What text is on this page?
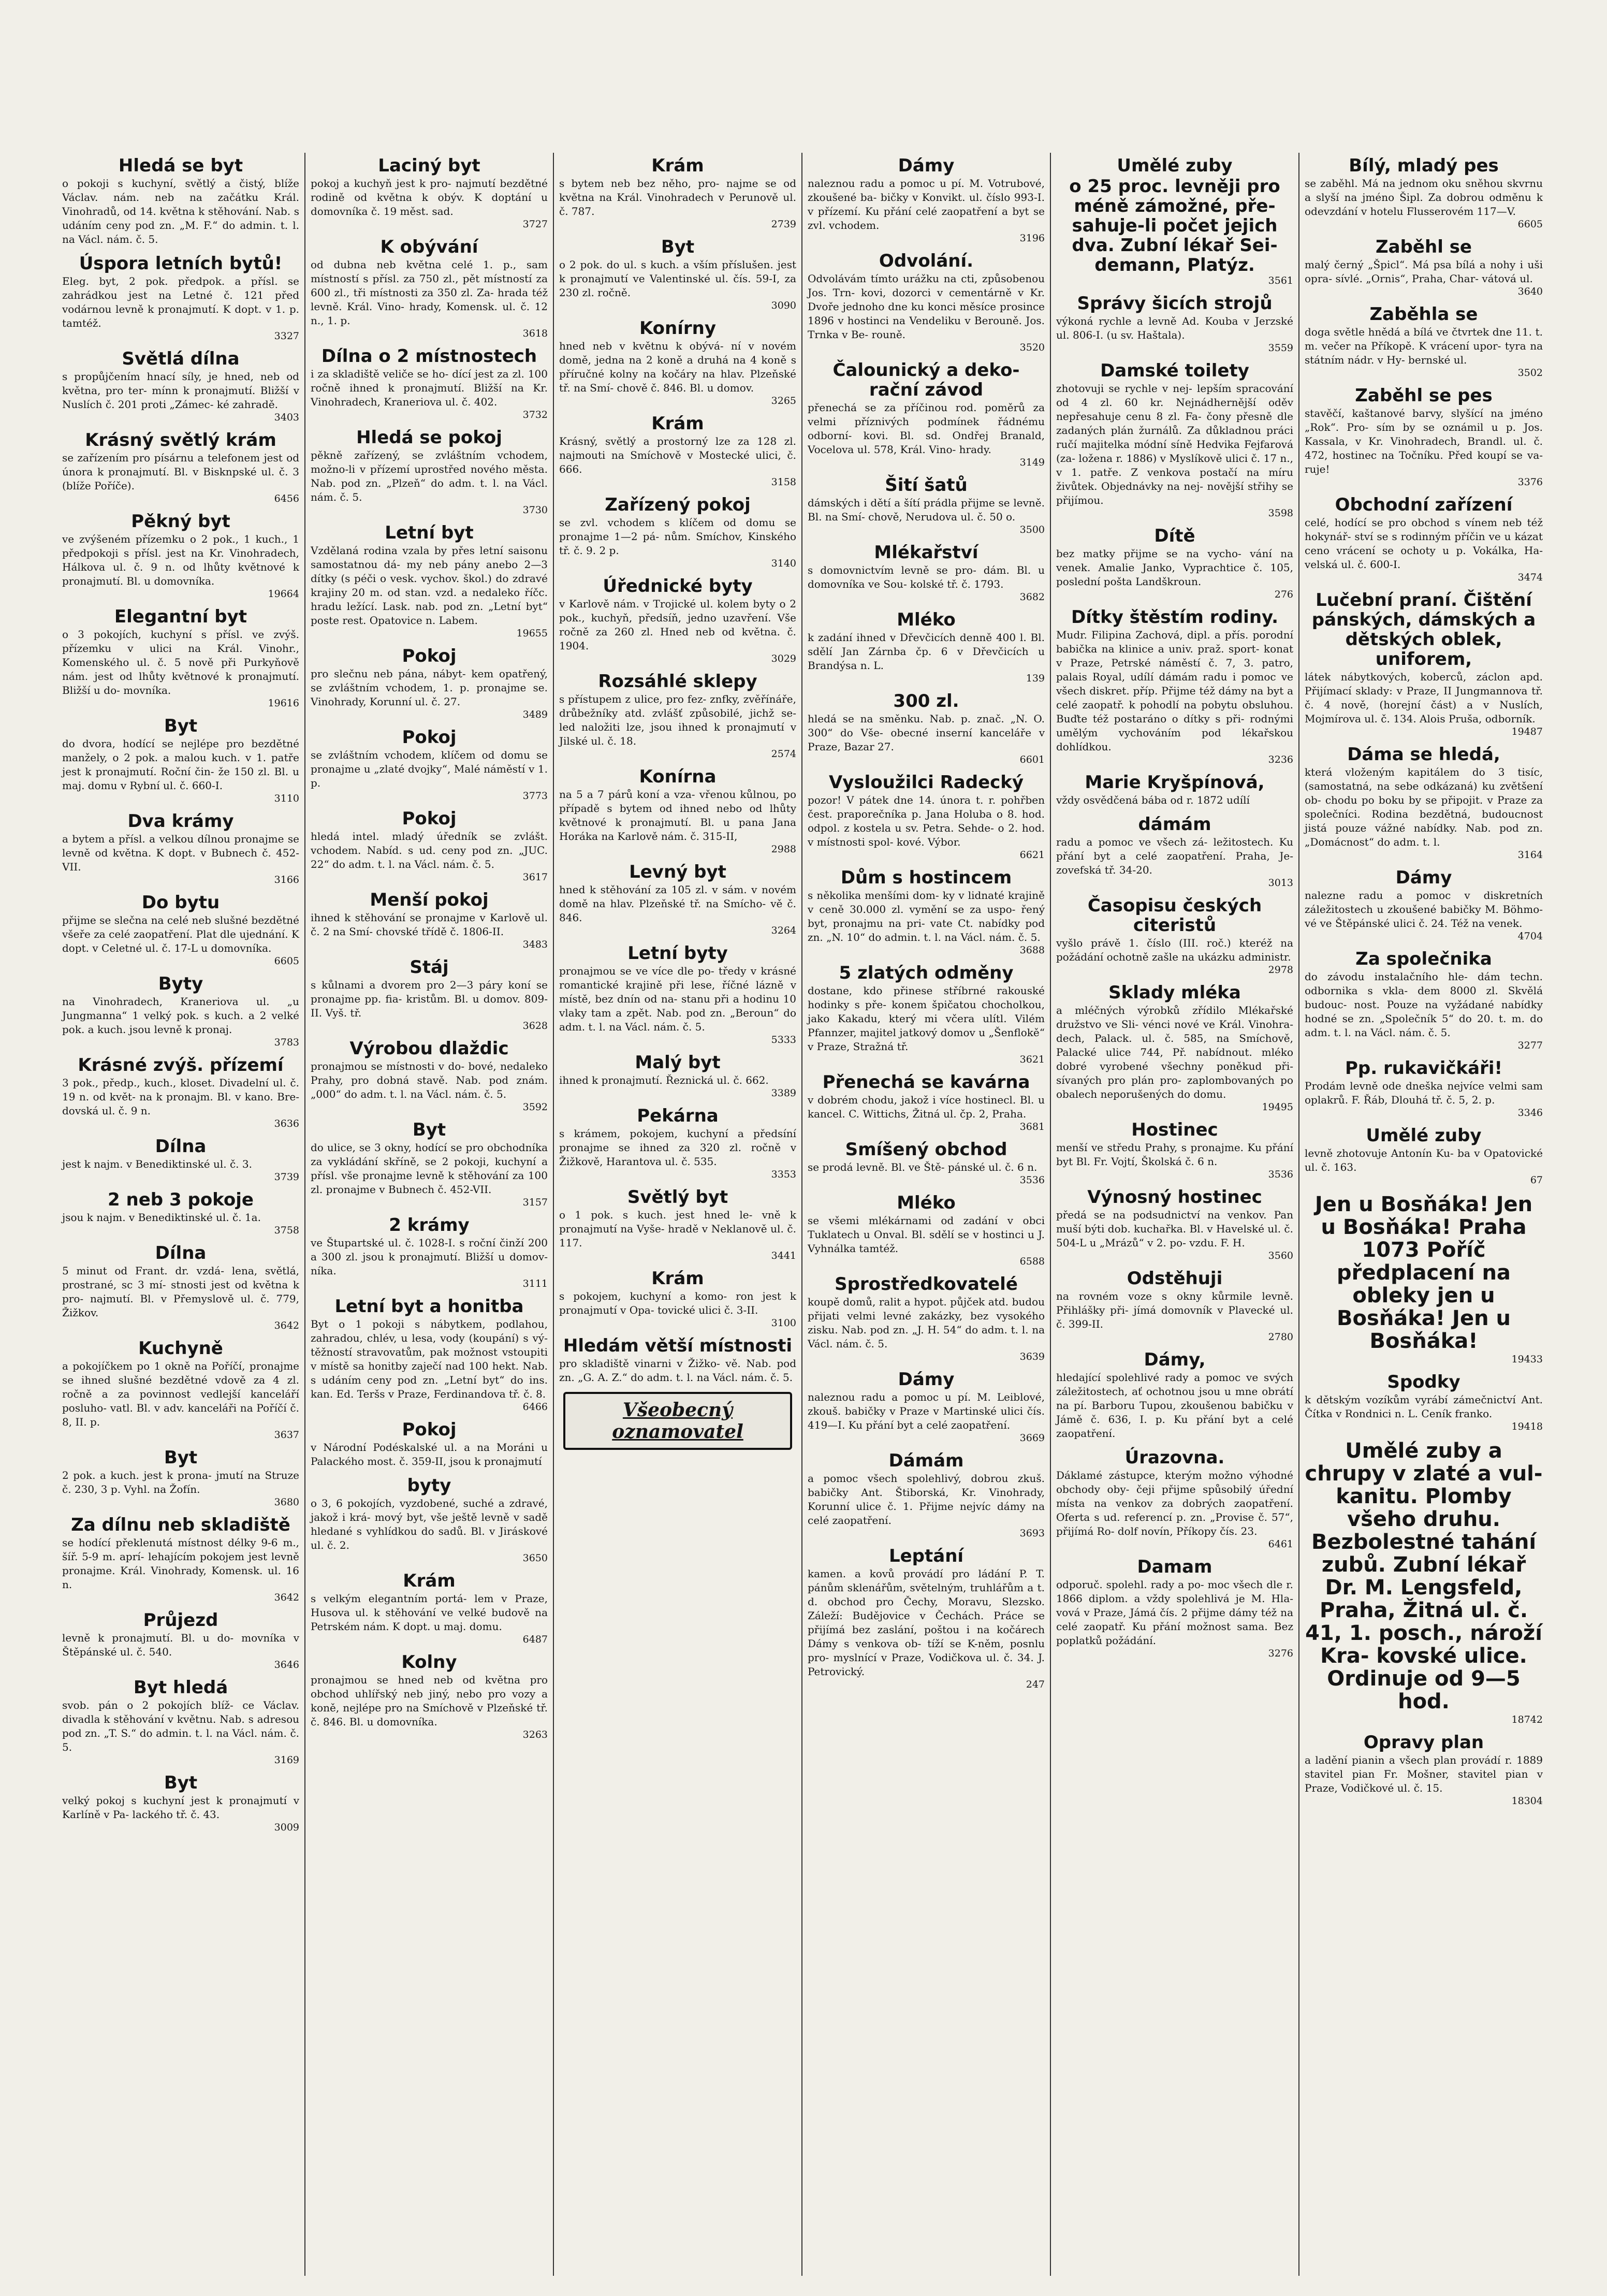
Hledá se byt

o pokoji s kuchyní, světlý a čistý, blíže Václav. nám. neb na začátku Král. Vinohradů, od 14. května k stěhování. Nab. s udáním ceny pod zn. „M. F.“ do admin. t. l. na Václ. nám. č. 5.

Úspora letních bytů!

Eleg. byt, 2 pok. předpok. a přísl. se zahrádkou jest na Letné č. 121 před vodárnou levně k pronajmutí. K dopt. v 1. p. tamtéž.

3327
Světlá dílna

s propůjčením hnací síly, je hned, neb od května, pro ter- mínn k pronajmutí. Bližší v Nuslích č. 201 proti „Zámec- ké zahradě.

3403
Krásný světlý krám

se zařízením pro písárnu a telefonem jest od února k pronajmutí. Bl. v Bisknpské ul. č. 3 (blíže Poříče).

6456
Pěkný byt

ve zvýšeném přízemku o 2 pok., 1 kuch., 1 předpokoji s přísl. jest na Kr. Vinohradech, Hálkova ul. č. 9 n. od lhůty květnové k pronajmutí. Bl. u domovníka.

19664
Elegantní byt

o 3 pokojích, kuchyní s přísl. ve zvýš. přízemku v ulici na Král. Vinohr., Komenského ul. č. 5 nově při Purkyňově nám. jest od lhůty květnové k pronajmutí. Bližší u do- movníka.

19616
Byt

do dvora, hodící se nejlépe pro bezdětné manžely, o 2 pok. a malou kuch. v 1. patře jest k pronajmutí. Roční čin- že 150 zl. Bl. u maj. domu v Rybní ul. č. 660-I.

3110
Dva krámy

a bytem a přísl. a velkou dílnou pronajme se levně od května. K dopt. v Bubnech č. 452-VII.

3166
Do bytu

přijme se slečna na celé neb slušné bezdětné všeře za celé zaopatření. Plat dle ujednání. K dopt. v Celetné ul. č. 17-L u domovníka.

6605
Byty

na Vinohradech, Kraneriova ul. „u Jungmanna“ 1 velký pok. s kuch. a 2 velké pok. a kuch. jsou levně k pronaj.

3783
Krásné zvýš. přízemí

3 pok., předp., kuch., kloset. Divadelní ul. č. 19 n. od květ- na k pronajm. Bl. v kano. Bre- dovská ul. č. 9 n.

3636
Dílna

jest k najm. v Benediktinské ul. č. 3.

3739
2 neb 3 pokoje

jsou k najm. v Benediktinské ul. č. 1a.

3758
Dílna

5 minut od Frant. dr. vzdá- lena, světlá, prostrané, sc 3 mí- stnosti jest od května k pro- najmutí. Bl. v Přemyslově ul. č. 779, Žižkov.

3642
Kuchyně

a pokojíčkem po 1 okně na Poříčí, pronajme se ihned slušné bezdětné vdově za 4 zl. ročně a za povinnost vedlejší kanceláří posluho- vatl. Bl. v adv. kanceláři na Poříčí č. 8, II. p.

3637
Byt

2 pok. a kuch. jest k prona- jmutí na Struze č. 230, 3 p. Vyhl. na Žofín.

3680
Za dílnu neb skladiště

se hodící překlenutá místnost délky 9-6 m., šíř. 5-9 m. aprí- lehajícím pokojem jest levně pronajme. Král. Vinohrady, Komensk. ul. 16 n.

3642
Průjezd

levně k pronajmutí. Bl. u do- movníka v Štěpánské ul. č. 540.

3646
Byt hledá

svob. pán o 2 pokojích blíž- ce Václav. divadla k stěhování v květnu. Nab. s adresou pod zn. „T. S.“ do admin. t. l. na Václ. nám. č. 5.

3169
Byt

velký pokoj s kuchyní jest k pronajmutí v Karlíně v Pa- lackého tř. č. 43.

3009
Laciný byt

pokoj a kuchyň jest k pro- najmutí bezdětné rodině od května k obýv. K doptání u domovníka č. 19 měst. sad.

3727
K obývání

od dubna neb května celé 1. p., sam místností s přísl. za 750 zl., pět místností za 600 zl., tři místnosti za 350 zl. Za- hrada též levně. Král. Vino- hrady, Komensk. ul. č. 12 n., 1. p.

3618
Dílna o 2 místnostech

i za skladiště veliče se ho- dící jest za zl. 100 ročně ihned k pronajmutí. Bližší na Kr. Vinohradech, Kraneriova ul. č. 402.

3732
Hledá se pokoj

pěkně zařízený, se zvláštním vchodem, možno-li v přízemí uprostřed nového města. Nab. pod zn. „Plzeň“ do adm. t. l. na Václ. nám. č. 5.

3730
Letní byt

Vzdělaná rodina vzala by přes letní saisonu samostatnou dá- my neb pány anebo 2—3 dítky (s péči o vesk. vychov. škol.) do zdravé krajiny 20 m. od stan. vzd. a nedaleko říčc. hradu ležící. Lask. nab. pod zn. „Letní byt“ poste rest. Opatovice n. Labem.

19655
Pokoj

pro slečnu neb pána, nábyt- kem opatřený, se zvláštním vchodem, 1. p. pronajme se. Vinohrady, Korunní ul. č. 27.

3489
Pokoj

se zvláštním vchodem, klíčem od domu se pronajme u „zlaté dvojky“, Malé náměstí v 1. p.

3773
Pokoj

hledá intel. mladý úředník se zvlášt. vchodem. Nabíd. s ud. ceny pod zn. „JUC. 22“ do adm. t. l. na Václ. nám. č. 5.

3617
Menší pokoj

ihned k stěhování se pronajme v Karlově ul. č. 2 na Smí- chovské třídě č. 1806-II.

3483
Stáj

s kůlnami a dvorem pro 2—3 páry koní se pronajme pp. fia- kristům. Bl. u domov. 809-II. Vyš. tř.

3628
Výrobou dlaždic

pronajmou se místnosti v do- bové, nedaleko Prahy, pro dobná stavě. Nab. pod znám. „000“ do adm. t. l. na Václ. nám. č. 5.

3592
Byt

do ulice, se 3 okny, hodící se pro obchodníka za vykládání skříně, se 2 pokoji, kuchyní a přísl. vše pronajme levně k stěhování za 100 zl. pronajme v Bubnech č. 452-VII.

3157
2 krámy

ve Štupartské ul. č. 1028-I. s roční činží 200 a 300 zl. jsou k pronajmutí. Bližší u domov- níka.

3111
Letní byt a honitba

Byt o 1 pokoji s nábytkem, podlahou, zahradou, chlév, u lesa, vody (koupání) s vý- těžností stravovatům, pak možnost vstoupiti v místě sa honitby zaječí nad 100 hekt. Nab. s udáním ceny pod zn. „Letní byt“ do ins. kan. Ed. Teršs v Praze, Ferdinandova tř. č. 8.

6466
Pokoj

v Národní Podéskalské ul. a na Moráni u Palackého most. č. 359-II, jsou k pronajmutí

byty

o 3, 6 pokojích, vyzdobené, suché a zdravé, jakož i krá- mový byt, vše ještě levně v sadě hledané s vyhlídkou do sadů. Bl. v Jiráskové ul. č. 2.

3650
Krám

s velkým elegantním portá- lem v Praze, Husova ul. k stěhování ve velké budově na Petrském nám. K dopt. u maj. domu.

6487
Kolny

pronajmou se hned neb od května pro obchod uhlířský neb jiný, nebo pro vozy a koně, nejlépe pro na Smíchově v Plzeňské tř. č. 846. Bl. u domovníka.

3263
Krám

s bytem neb bez něho, pro- najme se od května na Král. Vinohradech v Perunově ul. č. 787.

2739
Byt

o 2 pok. do ul. s kuch. a vším příslušen. jest k pronajmutí ve Valentinské ul. čís. 59-I, za 230 zl. ročně.

3090
Konírny

hned neb v květnu k obývá- ní v novém domě, jedna na 2 koně a druhá na 4 koně s příručné kolny na kočáry na hlav. Plzeňské tř. na Smí- chově č. 846. Bl. u domov.

3265
Krám

Krásný, světlý a prostorný lze za 128 zl. najmouti na Smíchově v Mostecké ulici, č. 666.

3158
Zařízený pokoj

se zvl. vchodem s klíčem od domu se pronajme 1—2 pá- nům. Smíchov, Kinského tř. č. 9. 2 p.

3140
Úřednické byty

v Karlově nám. v Trojické ul. kolem byty o 2 pok., kuchyň, předsíň, jedno uzavření. Vše ročně za 260 zl. Hned neb od května. č. 1904.

3029
Rozsáhlé sklepy

s přístupem z ulice, pro fez- znfky, zvěřínáře, drůbežníky atd. zvlášť způsobilé, jichž se- led naložiti lze, jsou ihned k pronajmutí v Jilské ul. č. 18.

2574
Konírna

na 5 a 7 párů koní a vza- vřenou kůlnou, po případě s bytem od ihned nebo od lhůty květnové k pronajmutí. Bl. u pana Jana Horáka na Karlově nám. č. 315-II,

2988
Levný byt

hned k stěhování za 105 zl. v sám. v novém domě na hlav. Plzeňské tř. na Smícho- vě č. 846.

3264
Letní byty

pronajmou se ve více dle po- tředy v krásné romantické krajině při lese, říčné lázně v místě, bez dnín od na- stanu při a hodinu 10 vlaky tam a zpět. Nab. pod zn. „Beroun“ do adm. t. l. na Václ. nám. č. 5.

5333
Malý byt

ihned k pronajmutí. Řeznická ul. č. 662.

3389
Pekárna

s krámem, pokojem, kuchyní a předsíní pronajme se ihned za 320 zl. ročně v Žižkově, Harantova ul. č. 535.

3353
Světlý byt

o 1 pok. s kuch. jest hned le- vně k pronajmutí na Vyše- hradě v Neklanově ul. č. 117.

3441
Krám

s pokojem, kuchyní a komo- ron jest k pronajmutí v Opa- tovické ulici č. 3-II.

3100
Hledám větší místnosti

pro skladiště vinarni v Žižko- vě. Nab. pod zn. „G. A. Z.“ do adm. t. l. na Václ. nám. č. 5.

Všeobecný
oznamovatel
Dámy

naleznou radu a pomoc u pí. M. Votrubové, zkoušené ba- bičky v Konvikt. ul. číslo 993-I. v přízemí. Ku přání celé zaopatření a byt se zvl. vchodem.

3196
Odvolání.

Odvolávám tímto urážku na cti, způsobenou Jos. Trn- kovi, dozorci v cementárně v Kr. Dvoře jednoho dne ku konci měsíce prosince 1896 v hostinci na Vendeliku v Berouně. Jos. Trnka v Be- rouně.

3520
Čalounický a deko- rační závod

přenechá se za příčinou rod. poměrů za velmi příznivých podmínek řádnému odborní- kovi. Bl. sd. Ondřej Branald, Vocelova ul. 578, Král. Vino- hrady.

3149
Šití šatů

dámských i dětí a šítí prádla přijme se levně. Bl. na Smí- chově, Nerudova ul. č. 50 o.

3500
Mlékařství

s domovnictvím levně se pro- dám. Bl. u domovníka ve Sou- kolské tř. č. 1793.

3682
Mléko

k zadání ihned v Dřevčicích denně 400 l. Bl. sdělí Jan Zárnba čp. 6 v Dřevčicích u Brandýsa n. L.

139
300 zl.

hledá se na směnku. Nab. p. znač. „N. O. 300“ do Vše- obecné inserní kanceláře v Praze, Bazar 27.

6601
Vysloužilci Radecký

pozor! V pátek dne 14. února t. r. pohřben čest. praporečníka p. Jana Holuba o 8. hod. odpol. z kostela u sv. Petra. Sehde- o 2. hod. v místnosti spol- kové. Výbor.

6621
Dům s hostincem

s několika menšími dom- ky v lidnaté krajině v ceně 30.000 zl. vymění se za uspo- řený byt, pronajmu na pri- vate Ct. nabídky pod zn. „N. 10“ do admin. t. l. na Václ. nám. č. 5.

3688
5 zlatých odměny

dostane, kdo přinese stříbrné rakouské hodinky s pře- konem špičatou chocholkou, jako Kakadu, který mi včera ulítl. Vilém Pfannzer, majitel jatkový domov u „Šenflokě“ v Praze, Stražná tř.

3621
Přenechá se kavárna

v dobrém chodu, jakož i více hostinecl. Bl. u kancel. C. Wittichs, Žitná ul. čp. 2, Praha.

3681
Smíšený obchod

se prodá levně. Bl. ve Ště- pánské ul. č. 6 n.

3536
Mléko

se všemi mlékárnami od zadání v obci Tuklatech u Onval. Bl. sdělí se v hostinci u J. Vyhnálka tamtéž.

6588
Sprostředkovatelé

koupě domů, ralit a hypot. půjček atd. budou přijati velmi levné zakázky, bez vysokého zisku. Nab. pod zn. „J. H. 54“ do adm. t. l. na Václ. nám. č. 5.

3639
Dámy

naleznou radu a pomoc u pí. M. Leiblové, zkouš. babičky v Praze v Martinské ulici čís. 419—I. Ku přání byt a celé zaopatření.

3669
Dámám

a pomoc všech spolehlivý, dobrou zkuš. babičky Ant. Štiborská, Kr. Vinohrady, Korunní ulice č. 1. Přijme nejvíc dámy na celé zaopatření.

3693
Leptání

kamen. a kovů provádí pro ládání P. T. pánům sklenářům, světelným, truhlářům a t. d. obchod pro Čechy, Moravu, Slezsko. Záleží: Budějovice v Čechách. Práce se přijímá bez zaslání, poštou i na kočárech Dámy s venkova ob- tíží se K-něm, posnlu pro- myslnící v Praze, Vodičkova ul. č. 34. J. Petrovický.

247
Umělé zuby

o 25 proc. levněji pro méně zámožné, pře- sahuje-li počet jejich dva. Zubní lékař Sei- demann, Platýz.

3561
Správy šicích strojů

výkoná rychle a levně Ad. Kouba v Jerzské ul. 806-I. (u sv. Haštala).

3559
Damské toilety

zhotovuji se rychle v nej- lepším spracování od 4 zl. 60 kr. Nejnádhernější oděv nepřesahuje cenu 8 zl. Fa- čony přesně dle zadaných plán žurnálů. Za důkladnou práci ručí majitelka módní síně Hedvika Fejfarová (za- ložena r. 1886) v Myslíkově ulici č. 17 n., v 1. patře. Z venkova postačí na míru živůtek. Objednávky na nej- novější střihy se přijímou.

3598
Dítě

bez matky přijme se na vycho- vání na venek. Amalie Janko, Vyprachtice č. 105, poslední pošta Landškroun.

276
Dítky štěstím rodiny.

Mudr. Filipina Zachová, dipl. a přís. porodní babička na klinice a univ. praž. sport- konat v Praze, Petrské náměstí č. 7, 3. patro, palais Royal, udílí dámám radu i pomoc ve všech diskret. příp. Přijme též dámy na byt a celé zaopatř. k pohodlí na pobytu obsluhou. Buďte též postaráno o dítky s při- rodnými umělým vychováním pod lékařskou dohlídkou.

3236
Marie Kryšpínová,

vždy osvědčená bába od r. 1872 udílí

dámám

radu a pomoc ve všech zá- ležitostech. Ku přání byt a celé zaopatření. Praha, Je- zovefská tř. 34-20.

3013
Časopisu českých citeristů

vyšlo právě 1. číslo (III. roč.) kteréž na požádání ochotně zašle na ukázku administr.

2978
Sklady mléka

a mléčných výrobků zřídilo Mlékařské družstvo ve Sli- vénci nové ve Král. Vinohra- dech, Palack. ul. č. 585, na Smíchově, Palacké ulice 744, Př. nabídnout. mléko dobré vyrobené všechny poněkud při- sívaných pro plán pro- zaplombovaných po obalech neporušených do domu.

19495
Hostinec

menší ve středu Prahy, s pronajme. Ku přání byt Bl. Fr. Vojtí, Školská č. 6 n.

3536
Výnosný hostinec

předá se na podsudnictví na venkov. Pan muší býti dob. kuchařka. Bl. v Havelské ul. č. 504-L u „Mrázů“ v 2. po- vzdu. F. H.

3560
Odstěhuji

na rovném voze s okny kůrmile levně. Přihlášky při- jímá domovník v Plavecké ul. č. 399-II.

2780
Dámy,

hledající spolehlivé rady a pomoc ve svých záležitostech, ať ochotnou jsou u mne obrátí na pí. Barboru Tupou, zkoušenou babičku v Jámě č. 636, I. p. Ku přání byt a celé zaopatření.

Úrazovna.

Dáklamé zástupce, kterým možno výhodné obchody oby- čeji přijme spůsobilý úřední místa na venkov za dobrých zaopatření. Oferta s ud. referencí p. zn. „Provise č. 57“, přijímá Ro- dolf novín, Příkopy čís. 23.

6461
Damam

odporuč. spolehl. rady a po- moc všech dle r. 1866 diplom. a vždy spolehlivá je M. Hla- vová v Praze, Jámá čís. 2 přijme dámy též na celé zaopatř. Ku přání možnost sama. Bez poplatků požádání.

3276
Bílý, mladý pes

se zaběhl. Má na jednom oku sněhou skvrnu a slyší na jméno Šipl. Za dobrou odměnu k odevzdání v hotelu Flusserovém 117—V.

6605
Zaběhl se

malý černý „Špicl“. Má psa bílá a nohy i uši opra- sívlé. „Ornis“, Praha, Char- vátová ul.

3640
Zaběhla se

doga světle hnědá a bílá ve čtvrtek dne 11. t. m. večer na Příkopě. K vrácení upor- tyra na státním nádr. v Hy- bernské ul.

3502
Zaběhl se pes

stavěčí, kaštanové barvy, slyšící na jméno „Rok“. Pro- sím by se oznámil u p. Jos. Kassala, v Kr. Vinohradech, Brandl. ul. č. 472, hostinec na Točníku. Před koupí se va- ruje!

3376
Obchodní zařízení

celé, hodící se pro obchod s vínem neb též hokynář- ství se s rodinným příčin ve u kázat ceno vrácení se ochoty u p. Vokálka, Ha- velská ul. č. 600-I.

3474
Lučební praní. Čištění pánských, dámských a dětských oblek, uniforem,

látek nábytkových, koberců, záclon apd. Přijímací sklady: v Praze, II Jungmannova tř. č. 4 nově, (horejní část) a v Nuslích, Mojmírova ul. č. 134. Alois Pruša, odborník.

19487
Dáma se hledá,

která vloženým kapitálem do 3 tisíc, (samostatná, na sebe odkázaná) ku zvětšení ob- chodu po boku by se připojit. v Praze za společníci. Rodina bezdětná, budoucnost jistá pouze vážné nabídky. Nab. pod zn. „Domácnost“ do adm. t. l.

3164
Dámy

nalezne radu a pomoc v diskretních záležitostech u zkoušené babičky M. Böhmo- vé ve Štěpánské ulici č. 24. Též na venek.

4704
Za společnika

do závodu instalačního hle- dám techn. odbornika s vkla- dem 8000 zl. Skvělá budouc- nost. Pouze na vyžádané nabídky hodné se zn. „Společník 5“ do 20. t. m. do adm. t. l. na Václ. nám. č. 5.

3277
Pp. rukavičkáři!

Prodám levně ode dneška nejvíce velmi sam oplakrů. F. Řáb, Dlouhá tř. č. 5, 2. p.

3346
Umělé zuby

levně zhotovuje Antonín Ku- ba v Opatovické ul. č. 163.

67
Jen u Bosňáka! Jen u Bosňáka! Praha 1073 Poříč předplacení na obleky jen u Bosňáka! Jen u Bosňáka!
19433
Spodky

k dětským vozíkům vyrábí zámečnictví Ant. Čítka v Rondnici n. L. Ceník franko.

19418
Umělé zuby a chrupy v zlaté a vul- kanitu. Plomby všeho druhu. Bezbolestné tahání zubů. Zubní lékař Dr. M. Lengsfeld, Praha, Žitná ul. č. 41, 1. posch., nároží Kra- kovské ulice. Ordinuje od 9—5 hod.
18742
Opravy plan

a ladění pianin a všech plan provádí r. 1889 stavitel pian Fr. Mošner, stavitel pian v Praze, Vodičkové ul. č. 15.

18304
